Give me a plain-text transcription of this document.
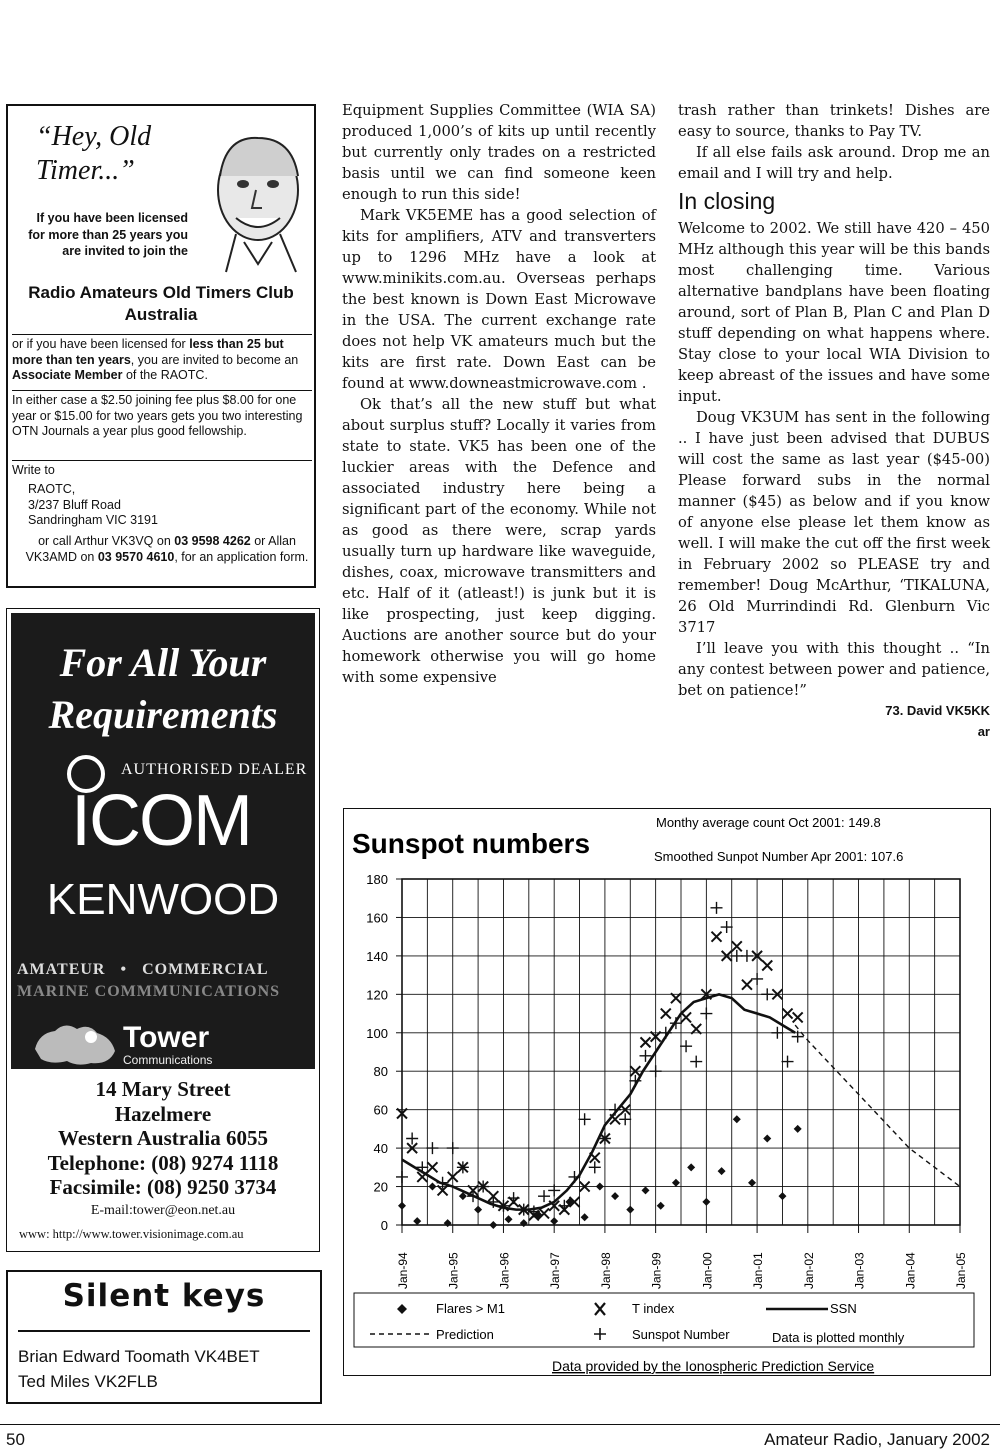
“Hey, Old Timer...”
If you have been licensed for more than 25 years you are invited to join the
Radio Amateurs Old Timers Club Australia
or if you have been licensed for less than 25 but more than ten years, you are invited to become an Associate Member of the RAOTC.
In either case a $2.50 joining fee plus $8.00 for one year or $15.00 for two years gets you two interesting OTN Journals a year plus good fellowship.
Write to
RAOTC,
3/237 Bluff Road
Sandringham VIC 3191
or call Arthur VK3VQ on 03 9598 4262 or Allan VK3AMD on 03 9570 4610, for an application form.
For All Your
Requirements
AUTHORISED DEALER
ICOM
KENWOOD
AMATEUR   •   COMMERCIAL
MARINE COMMMUNICATIONS
Tower
Communications
14 Mary Street
Hazelmere
Western Australia 6055
Telephone: (08) 9274 1118
Facsimile: (08) 9250 3734
E-mail:tower@eon.net.au
www: http://www.tower.visionimage.com.au
Silent keys
Brian Edward Toomath VK4BET
Ted Miles VK2FLB

Equipment Supplies Committee (WIA SA) produced 1,000’s of kits up until recently but currently only trades on a restricted basis until we can find someone keen enough to run this side!

Mark VK5EME has a good selection of kits for amplifiers, ATV and transverters up to 1296 MHz have a look at www.minikits.com.au. Overseas perhaps the best known is Down East Microwave in the USA. The current exchange rate does not help VK amateurs much but the kits are first rate. Down East can be found at www.downeastmicrowave.com .

Ok that’s all the new stuff but what about surplus stuff? Locally it varies from state to state. VK5 has been one of the luckier areas with the Defence and associated industry here being a significant part of the economy. While not as good as there were, scrap yards usually turn up hardware like waveguide, dishes, coax, microwave transmitters and etc. Half of it (atleast!) is junk but it is like prospecting, just keep digging. Auctions are another source but do your homework otherwise you will go home with some expensive

trash rather than trinkets! Dishes are easy to source, thanks to Pay TV.

If all else fails ask around. Drop me an email and I will try and help.

In closing

Welcome to 2002. We still have 420 – 450 MHz although this year will be this bands most challenging time. Various alternative bandplans have been floating around, sort of Plan B, Plan C and Plan D stuff depending on what happens where. Stay close to your local WIA Division to keep abreast of the issues and have some input.

Doug VK3UM has sent in the following .. I have just been advised that DUBUS will cost the same as last year ($45-00) Please forward subs in the normal manner ($45) as below and if you know of anyone else please let them know as well. I will make the cut off the first week in February 2002 so PLEASE try and remember! Doug McArthur, ‘TIKALUNA, 26 Old Murrindindi Rd. Glenburn Vic 3717

I’ll leave you with this thought .. “In any contest between power and patience, bet on patience!”

73. David VK5KK
ar
0
20
40
60
80
100
120
140
160
180
Jan-94	Jan-95	Jan-96	Jan-97	Jan-98	Jan-99	Jan-00	Jan-01	Jan-02	Jan-03	Jan-04	Jan-05
Sunspot numbers
Monthy average count Oct 2001: 149.8
Smoothed Sunpot Number Apr 2001: 107.6
Flares > M1	T index	SSN
Prediction	Sunspot Number	Data is plotted monthly
Data provided by the Ionospheric Prediction Service
50	Amateur Radio, January 2002
